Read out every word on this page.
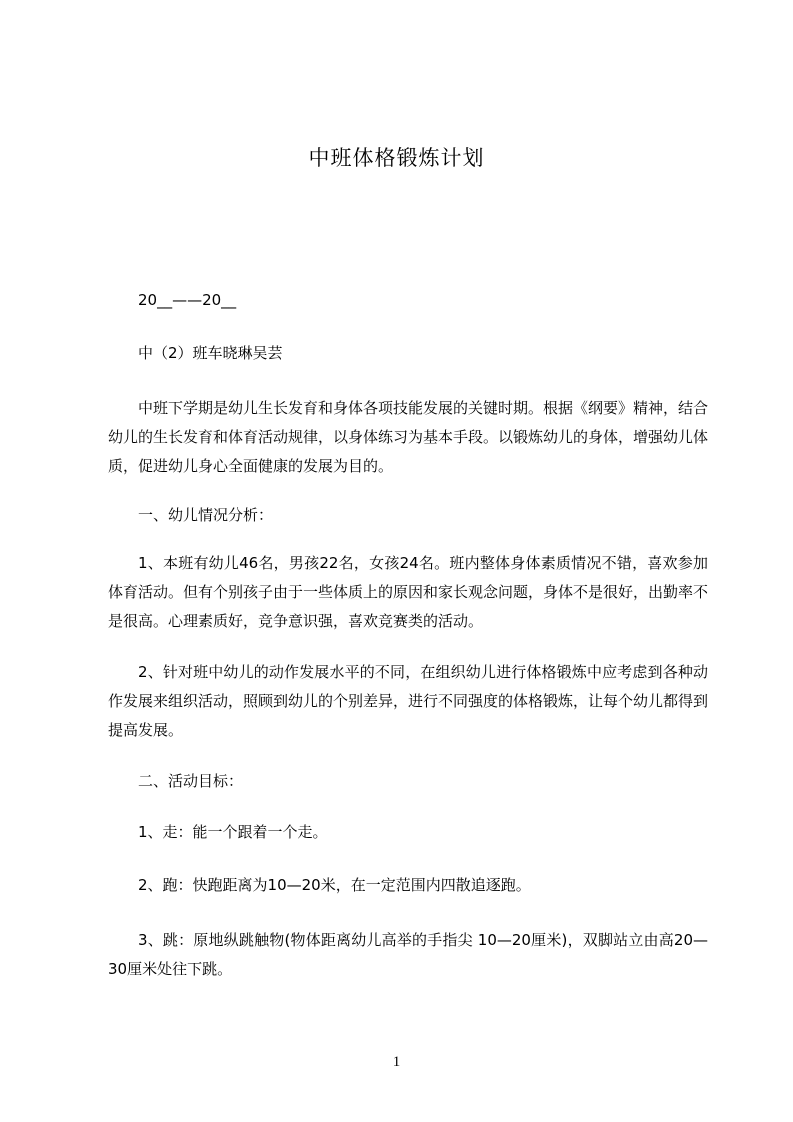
中班体格锻炼计划
20__——20__
中（2）班车晓琳吴芸
中班下学期是幼儿生长发育和身体各项技能发展的关键时期。根据《纲要》精神，结合幼儿的生长发育和体育活动规律，以身体练习为基本手段。以锻炼幼儿的身体，增强幼儿体质，促进幼儿身心全面健康的发展为目的。
一、幼儿情况分析：
1、本班有幼儿46名，男孩22名，女孩24名。班内整体身体素质情况不错，喜欢参加体育活动。但有个别孩子由于一些体质上的原因和家长观念问题，身体不是很好，出勤率不是很高。心理素质好，竞争意识强，喜欢竞赛类的活动。
2、针对班中幼儿的动作发展水平的不同，在组织幼儿进行体格锻炼中应考虑到各种动作发展来组织活动，照顾到幼儿的个别差异，进行不同强度的体格锻炼，让每个幼儿都得到提高发展。
二、活动目标：
1、走：能一个跟着一个走。
2、跑：快跑距离为10—20米，在一定范围内四散追逐跑。
3、跳：原地纵跳触物(物体距离幼儿高举的手指尖 10—20厘米)，双脚站立由高20—30厘米处往下跳。
1
